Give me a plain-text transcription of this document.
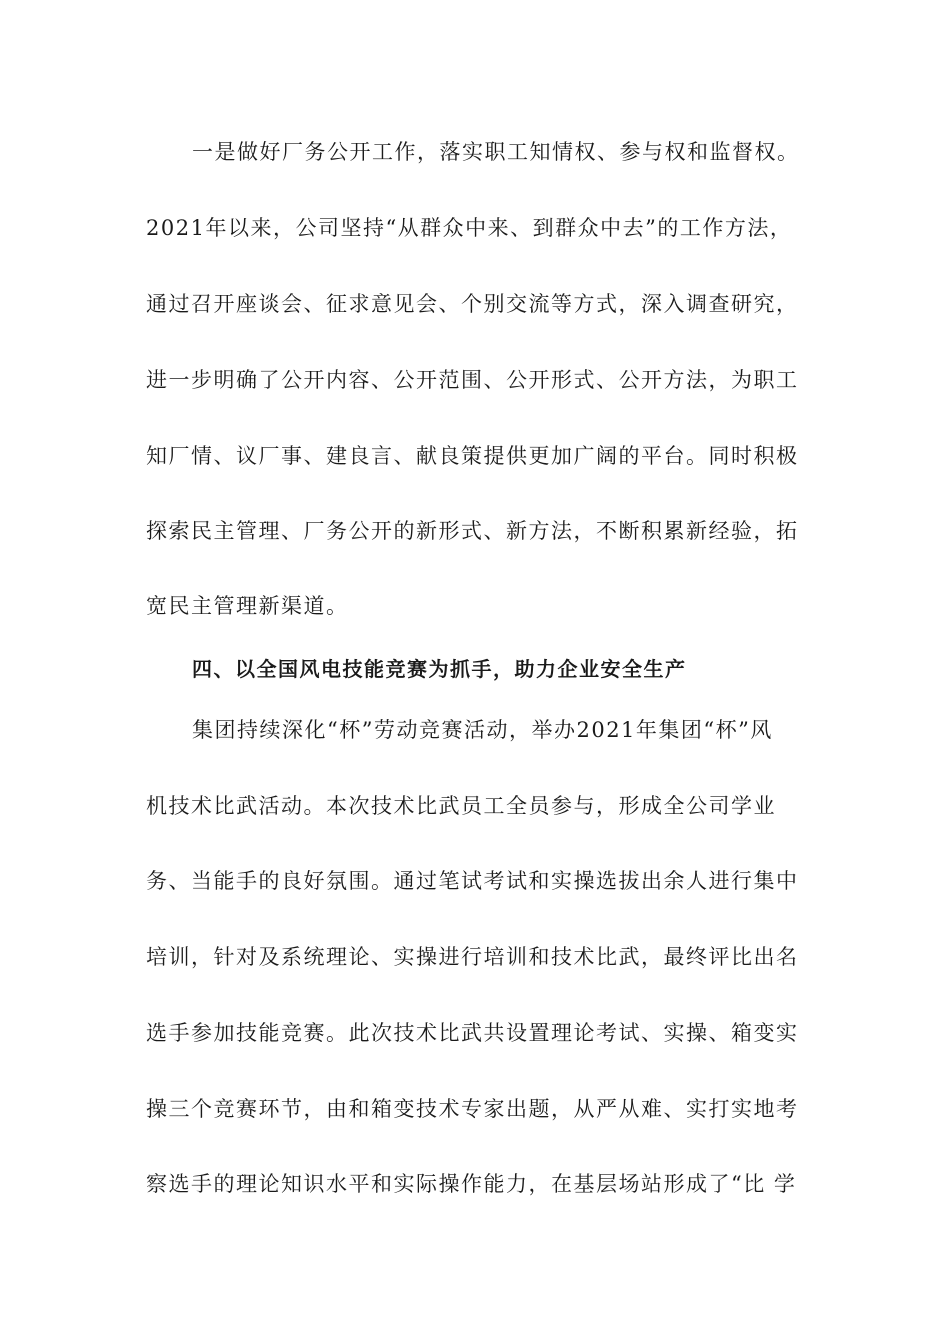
一是做好厂务公开工作，落实职工知情权、参与权和监督权。
2021年以来，公司坚持“从群众中来、到群众中去”的工作方法，
通过召开座谈会、征求意见会、个别交流等方式，深入调查研究，
进一步明确了公开内容、公开范围、公开形式、公开方法，为职工
知厂情、议厂事、建良言、献良策提供更加广阔的平台。同时积极
探索民主管理、厂务公开的新形式、新方法，不断积累新经验，拓
宽民主管理新渠道。
四、以全国风电技能竞赛为抓手，助力企业安全生产
集团持续深化“杯”劳动竞赛活动，举办2021年集团“杯”风
机技术比武活动。本次技术比武员工全员参与，形成全公司学业
务、当能手的良好氛围。通过笔试考试和实操选拔出余人进行集中
培训，针对及系统理论、实操进行培训和技术比武，最终评比出名
选手参加技能竞赛。此次技术比武共设置理论考试、实操、箱变实
操三个竞赛环节，由和箱变技术专家出题，从严从难、实打实地考
察选手的理论知识水平和实际操作能力，在基层场站形成了“比 学
